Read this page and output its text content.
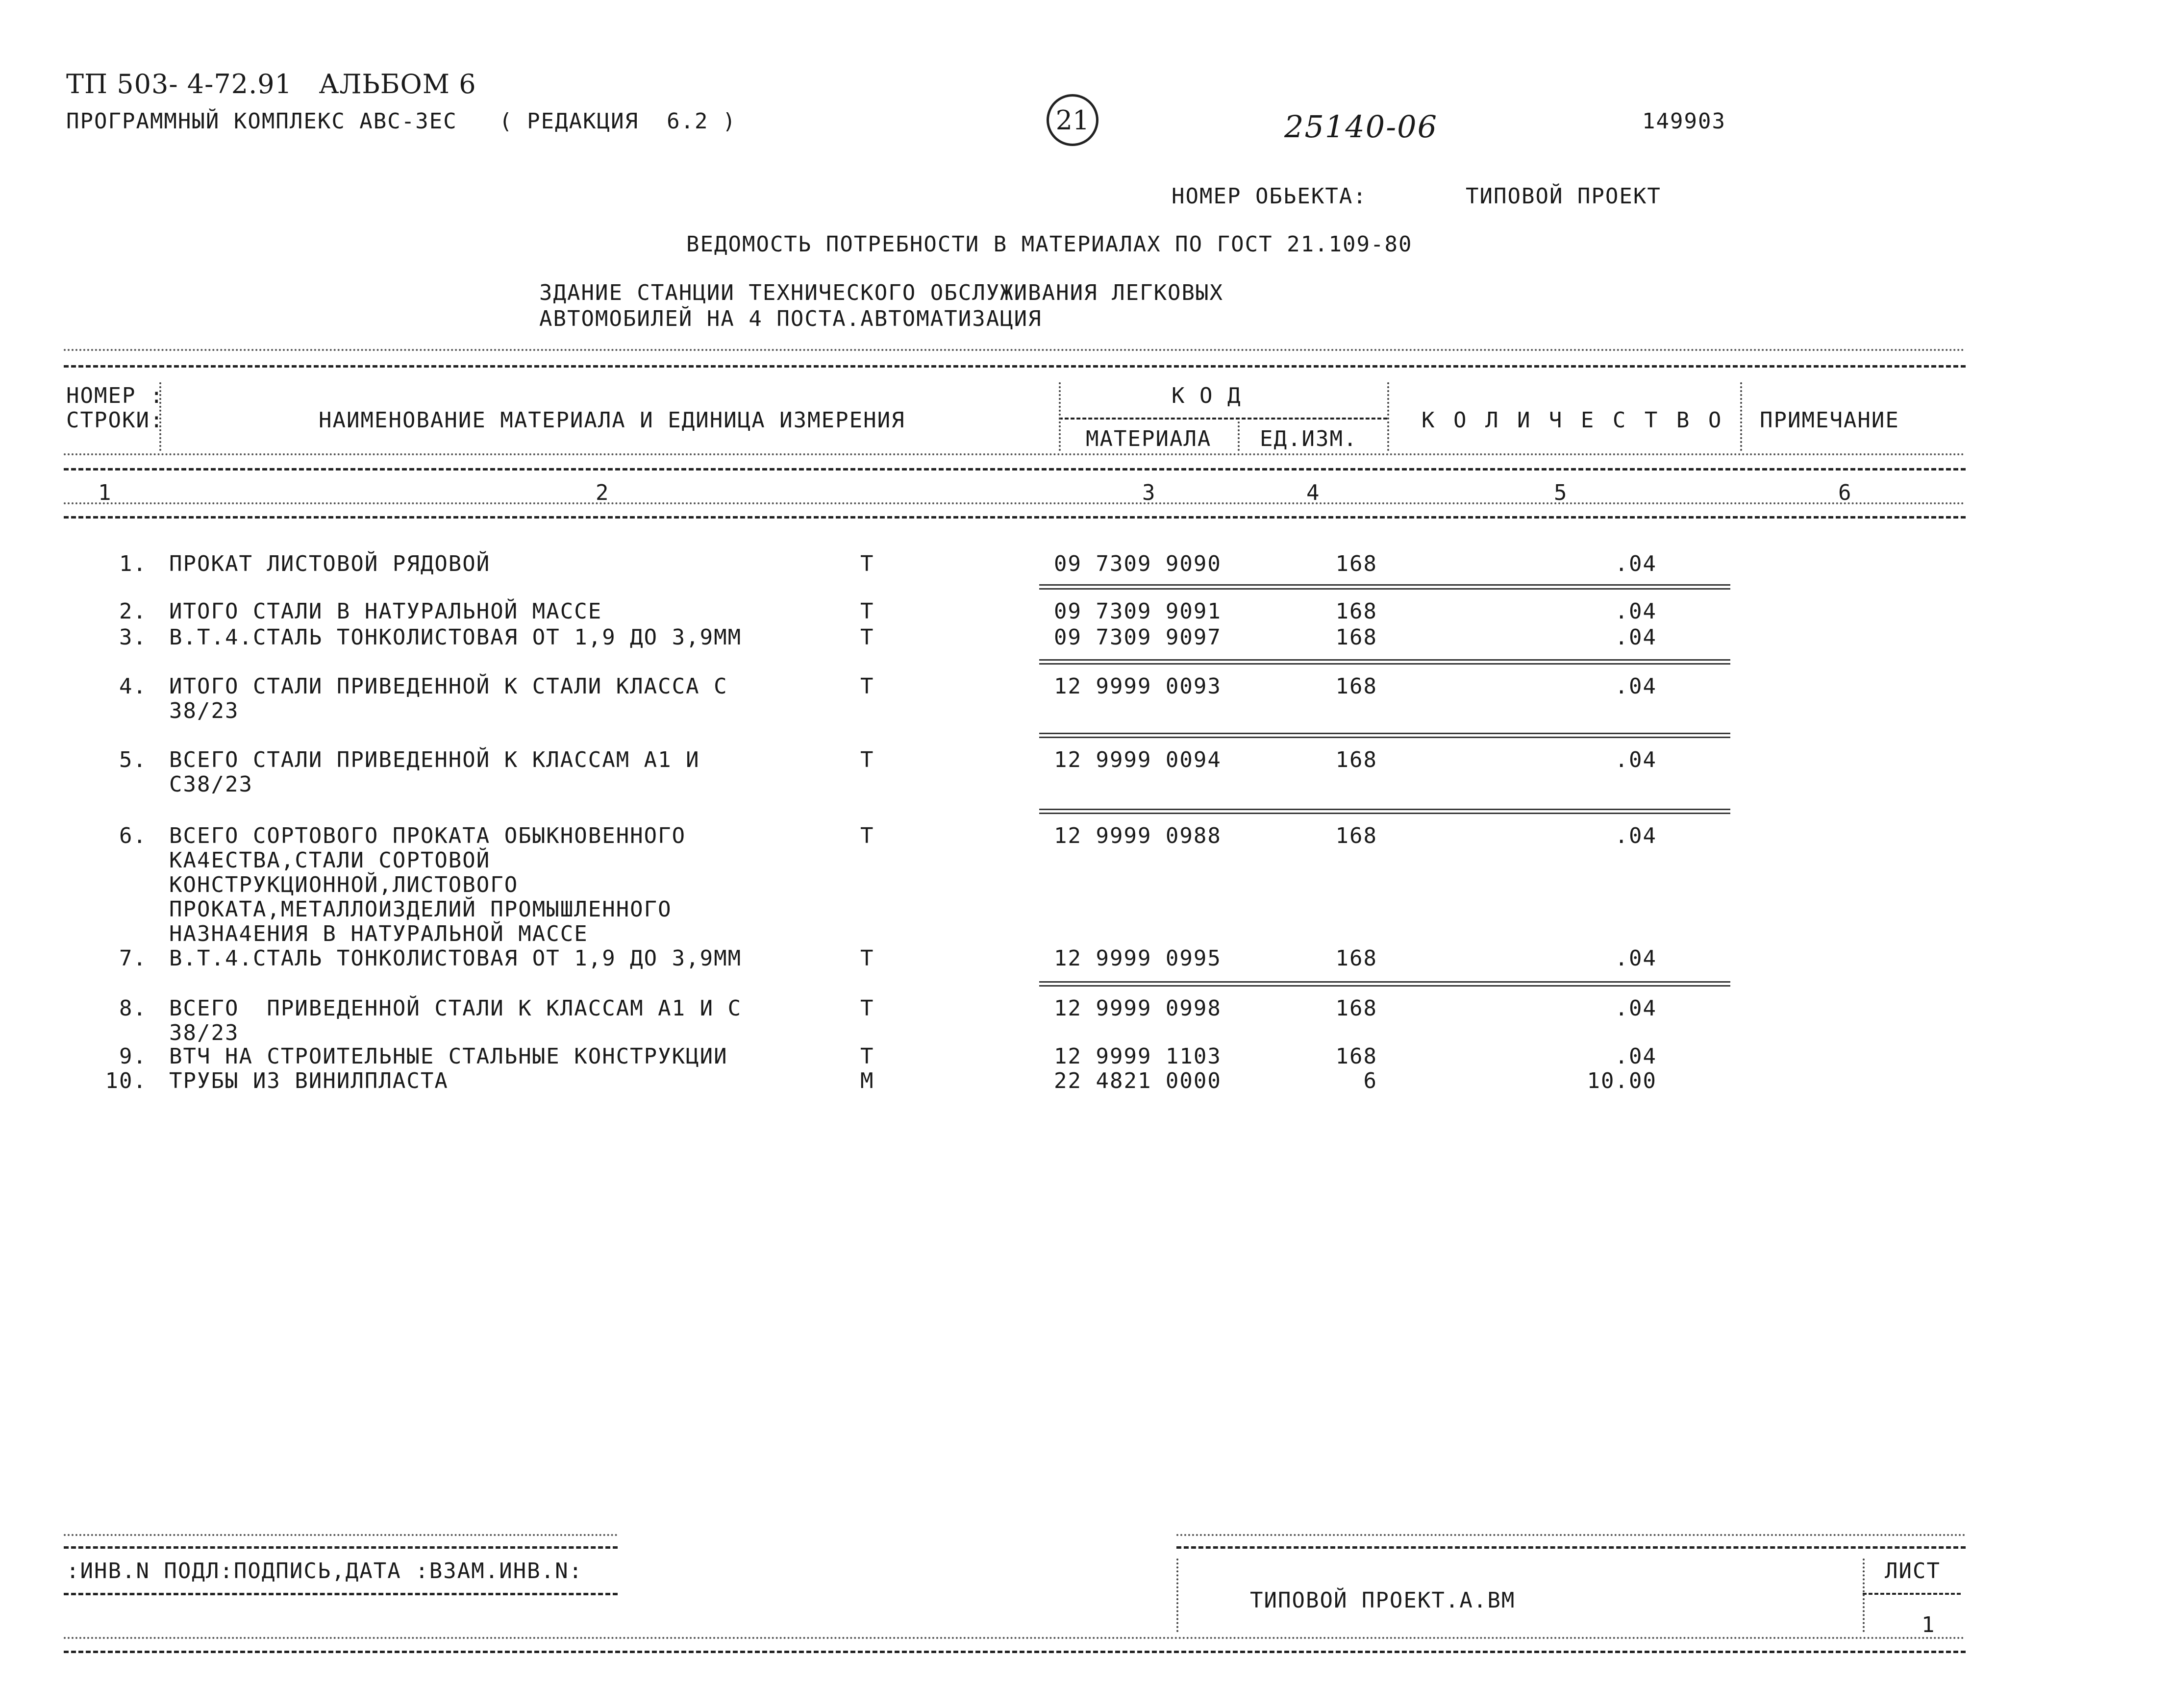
ТП 503- 4-72.91   АЛЬБОМ 6
ПРОГРАММНЫЙ КОМПЛЕКС АВС-3ЕС   ( РЕДАКЦИЯ  6.2 )	21	25140-06	149903
НОМЕР ОБЬЕКТА:	ТИПОВОЙ ПРОЕКТ
ВЕДОМОСТЬ ПОТРЕБНОСТИ В МАТЕРИАЛАХ ПО ГОСТ 21.109-80
ЗДАНИЕ СТАНЦИИ ТЕХНИЧЕСКОГО ОБСЛУЖИВАНИЯ ЛЕГКОВЫХ
АВТОМОБИЛЕЙ НА 4 ПОСТА.АВТОМАТИЗАЦИЯ
НОМЕР :
СТРОКИ:	НАИМЕНОВАНИЕ МАТЕРИАЛА И ЕДИНИЦА ИЗМЕРЕНИЯ
К О Д
МАТЕРИАЛА ЕД.ИЗМ.
К О Л И Ч Е С Т В О ПРИМЕЧАНИЕ
1	2	3	4	5	6
1. ПРОКАТ ЛИСТОВОЙ РЯДОВОЙ	Т	09 7309 9090	168	.04
2. ИТОГО СТАЛИ В НАТУРАЛЬНОЙ МАССЕ	Т	09 7309 9091	168	.04
3. В.Т.4.СТАЛЬ ТОНКОЛИСТОВАЯ ОТ 1,9 ДО 3,9ММ	Т	09 7309 9097	168	.04
4. ИТОГО СТАЛИ ПРИВЕДЕННОЙ К СТАЛИ КЛАССА С
38/23
Т	12 9999 0093	168	.04
5. ВСЕГО СТАЛИ ПРИВЕДЕННОЙ К КЛАССАМ А1 И
С38/23
Т	12 9999 0094	168	.04
6. ВСЕГО СОРТОВОГО ПРОКАТА ОБЫКНОВЕННОГО
КА4ЕСТВА,СТАЛИ СОРТОВОЙ
КОНСТРУКЦИОННОЙ,ЛИСТОВОГО
ПРОКАТА,МЕТАЛЛОИЗДЕЛИЙ ПРОМЫШЛЕННОГО
НАЗНА4ЕНИЯ В НАТУРАЛЬНОЙ МАССЕ
Т	12 9999 0988	168	.04
7. В.Т.4.СТАЛЬ ТОНКОЛИСТОВАЯ ОТ 1,9 ДО 3,9ММ	Т	12 9999 0995	168	.04
8. ВСЕГО  ПРИВЕДЕННОЙ СТАЛИ К КЛАССАМ А1 И С
38/23
Т	12 9999 0998	168	.04
9. ВТЧ НА СТРОИТЕЛЬНЫЕ СТАЛЬНЫЕ КОНСТРУКЦИИ	Т	12 9999 1103	168	.04
10. ТРУБЫ ИЗ ВИНИЛПЛАСТА	М	22 4821 0000	6	10.00
:ИНВ.N ПОДЛ:ПОДПИСЬ,ДАТА :ВЗАМ.ИНВ.N:
ТИПОВОЙ ПРОЕКТ.А.ВМ
ЛИСТ
1
